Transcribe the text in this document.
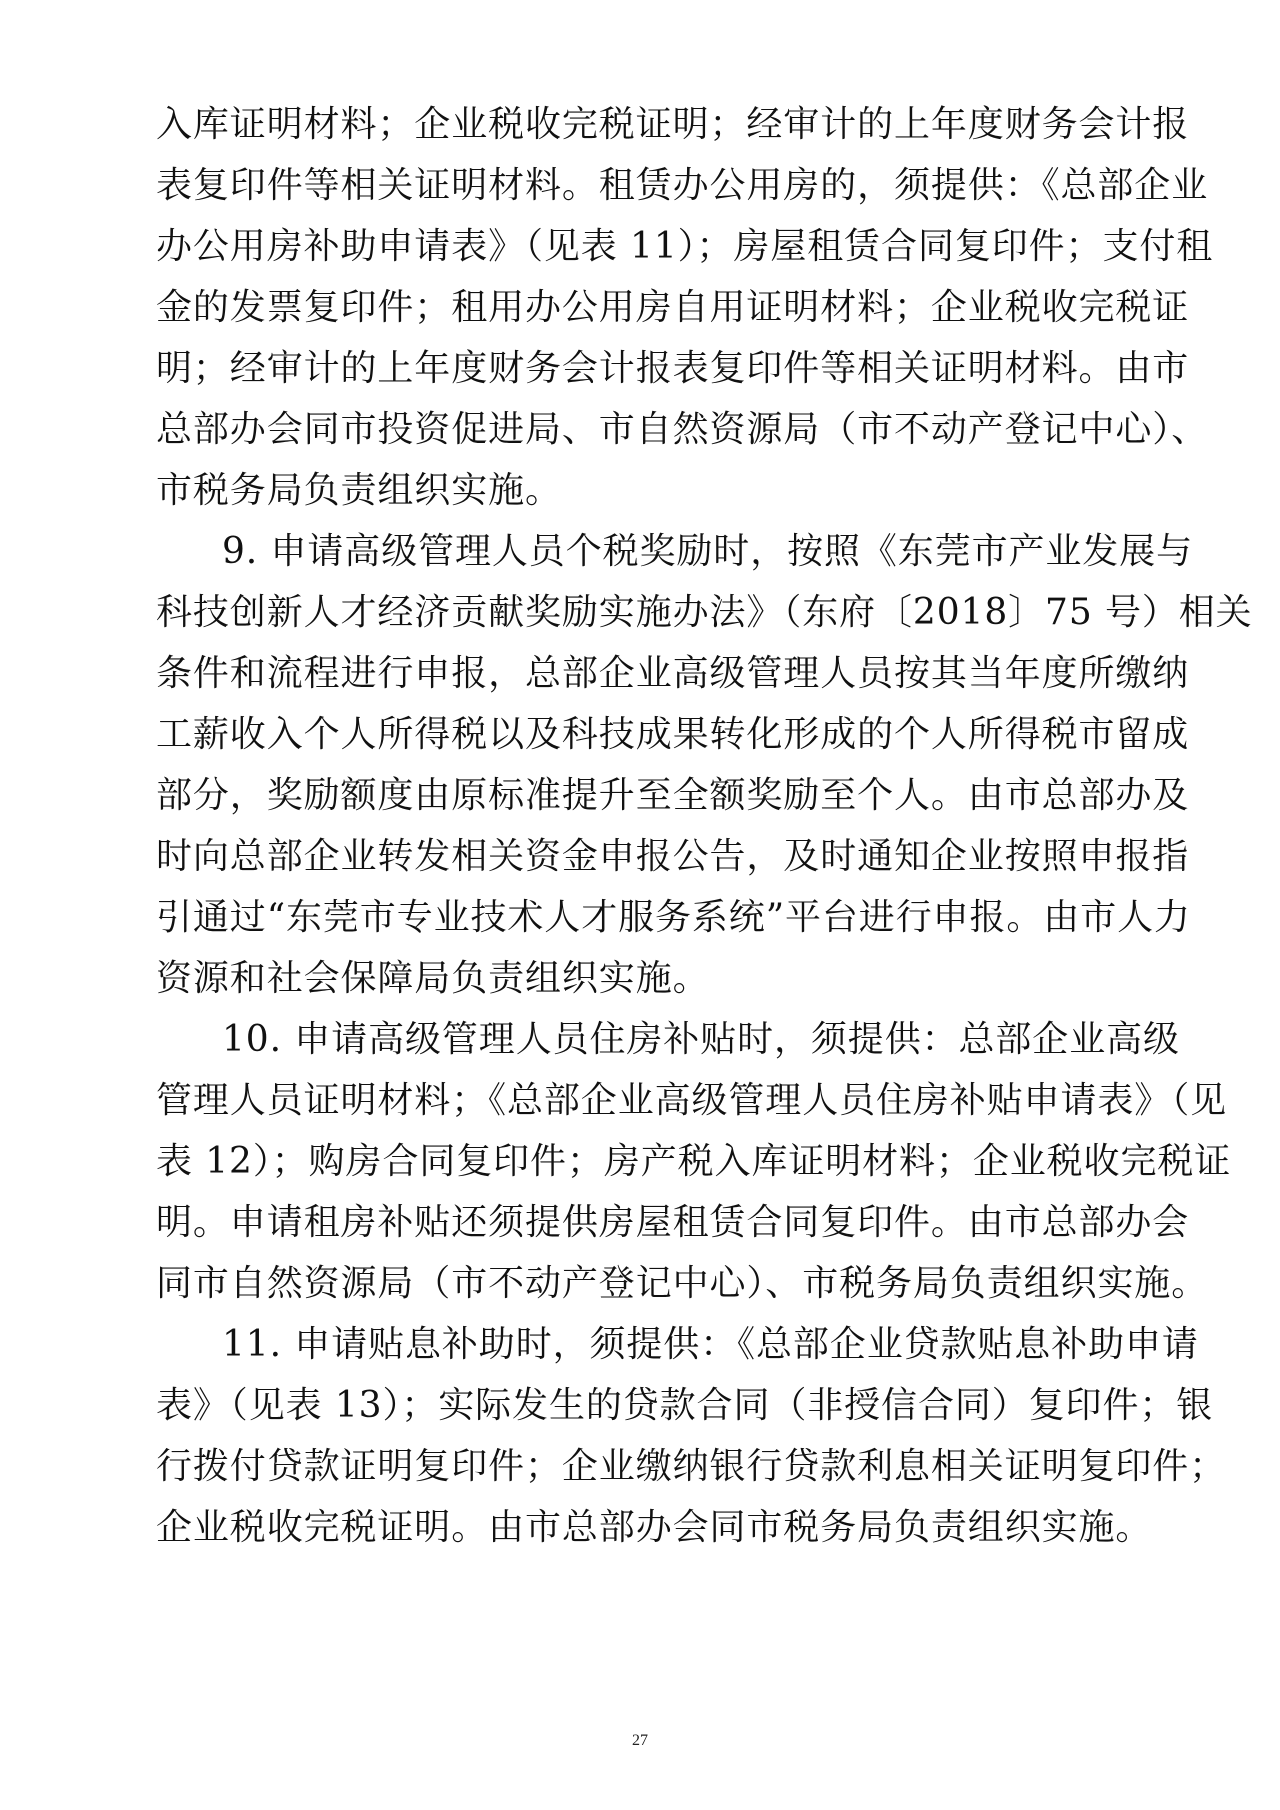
入库证明材料；企业税收完税证明；经审计的上年度财务会计报
表复印件等相关证明材料。租赁办公用房的，须提供：《总部企业
办公用房补助申请表》（见表 11）；房屋租赁合同复印件；支付租
金的发票复印件；租用办公用房自用证明材料；企业税收完税证
明；经审计的上年度财务会计报表复印件等相关证明材料。由市
总部办会同市投资促进局、市自然资源局（市不动产登记中心）、
市税务局负责组织实施。
9. 申请高级管理人员个税奖励时，按照《东莞市产业发展与
科技创新人才经济贡献奖励实施办法》（东府〔2018〕75 号）相关
条件和流程进行申报，总部企业高级管理人员按其当年度所缴纳
工薪收入个人所得税以及科技成果转化形成的个人所得税市留成
部分，奖励额度由原标准提升至全额奖励至个人。由市总部办及
时向总部企业转发相关资金申报公告，及时通知企业按照申报指
引通过“东莞市专业技术人才服务系统”平台进行申报。由市人力
资源和社会保障局负责组织实施。
10. 申请高级管理人员住房补贴时，须提供：总部企业高级
管理人员证明材料；《总部企业高级管理人员住房补贴申请表》（见
表 12）；购房合同复印件；房产税入库证明材料；企业税收完税证
明。申请租房补贴还须提供房屋租赁合同复印件。由市总部办会
同市自然资源局（市不动产登记中心）、市税务局负责组织实施。
11. 申请贴息补助时，须提供：《总部企业贷款贴息补助申请
表》（见表 13）；实际发生的贷款合同（非授信合同）复印件；银
行拨付贷款证明复印件；企业缴纳银行贷款利息相关证明复印件；
企业税收完税证明。由市总部办会同市税务局负责组织实施。
27
